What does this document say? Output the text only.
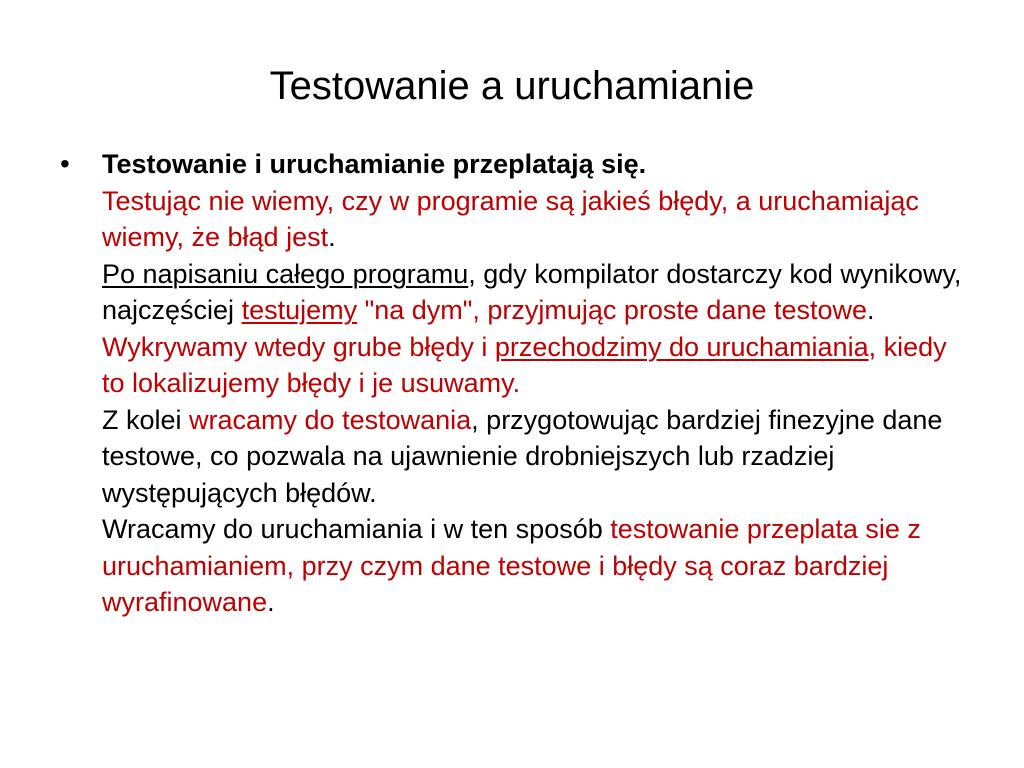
Testowanie a uruchamianie
•	Testowanie i uruchamianie przeplatają się.
Testując nie wiemy, czy w programie są jakieś błędy, a uruchamiając wiemy, że błąd jest.
Po napisaniu całego programu, gdy kompilator dostarczy kod wynikowy, najczęściej testujemy "na dym", przyjmując proste dane testowe. Wykrywamy wtedy grube błędy i przechodzimy do uruchamiania, kiedy to lokalizujemy błędy i je usuwamy.
Z kolei wracamy do testowania, przygotowując bardziej finezyjne dane testowe, co pozwala na ujawnienie drobniejszych lub rzadziej występujących błędów.
Wracamy do uruchamiania i w ten sposób testowanie przeplata sie z uruchamianiem, przy czym dane testowe i błędy są coraz bardziej wyrafinowane.
